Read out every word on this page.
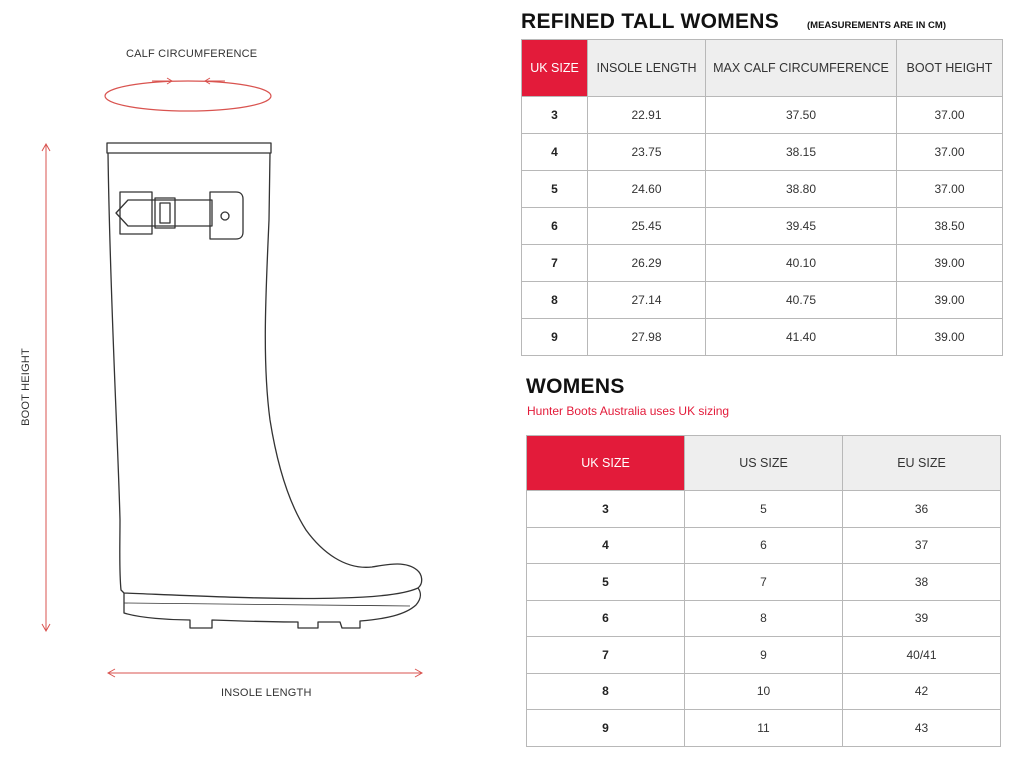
CALF CIRCUMFERENCE
BOOT HEIGHT
INSOLE LENGTH
REFINED TALL WOMENS	(MEASUREMENTS ARE IN CM)
UK SIZE	INSOLE LENGTH	MAX CALF CIRCUMFERENCE	BOOT HEIGHT
3	22.91	37.50	37.00
4	23.75	38.15	37.00
5	24.60	38.80	37.00
6	25.45	39.45	38.50
7	26.29	40.10	39.00
8	27.14	40.75	39.00
9	27.98	41.40	39.00
WOMENS
Hunter Boots Australia uses UK sizing
UK SIZE	US SIZE	EU SIZE
3	5	36
4	6	37
5	7	38
6	8	39
7	9	40/41
8	10	42
9	11	43
